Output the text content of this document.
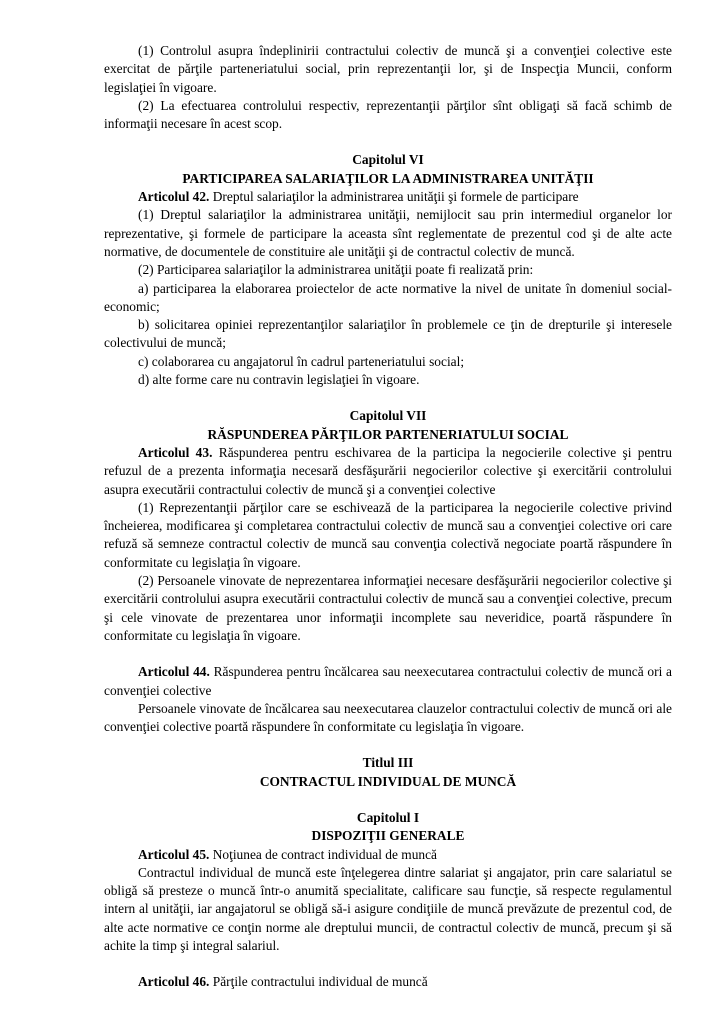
(1) Controlul asupra îndeplinirii contractului colectiv de muncă şi a convenţiei colective este exercitat de părţile parteneriatului social, prin reprezentanţii lor, şi de Inspecţia Muncii, conform legislaţiei în vigoare.

(2) La efectuarea controlului respectiv, reprezentanţii părţilor sînt obligaţi să facă schimb de informaţii necesare în acest scop.

Capitolul VI

PARTICIPAREA SALARIAŢILOR LA ADMINISTRAREA UNITĂŢII

Articolul 42. Dreptul salariaţilor la administrarea unităţii şi formele de participare

(1) Dreptul salariaţilor la administrarea unităţii, nemijlocit sau prin intermediul organelor lor reprezentative, şi formele de participare la aceasta sînt reglementate de prezentul cod şi de alte acte normative, de documentele de constituire ale unităţii şi de contractul colectiv de muncă.

(2) Participarea salariaţilor la administrarea unităţii poate fi realizată prin:

a) participarea la elaborarea proiectelor de acte normative la nivel de unitate în domeniul social-economic;

b) solicitarea opiniei reprezentanţilor salariaţilor în problemele ce ţin de drepturile şi interesele colectivului de muncă;

c) colaborarea cu angajatorul în cadrul parteneriatului social;

d) alte forme care nu contravin legislaţiei în vigoare.

Capitolul VII

RĂSPUNDEREA PĂRŢILOR PARTENERIATULUI SOCIAL

Articolul 43. Răspunderea pentru eschivarea de la participa la negocierile colective şi pentru refuzul de a prezenta informaţia necesară desfăşurării negocierilor colective şi exercitării controlului asupra executării contractului colectiv de muncă şi a convenţiei colective

(1) Reprezentanţii părţilor care se eschivează de la participarea la negocierile colective privind încheierea, modificarea şi completarea contractului colectiv de muncă sau a convenţiei colective ori care refuză să semneze contractul colectiv de muncă sau convenţia colectivă negociate poartă răspundere în conformitate cu legislaţia în vigoare.

(2) Persoanele vinovate de neprezentarea informaţiei necesare desfăşurării negocierilor colective şi exercitării controlului asupra executării contractului colectiv de muncă sau a convenţiei colective, precum şi cele vinovate de prezentarea unor informaţii incomplete sau neveridice, poartă răspundere în conformitate cu legislaţia în vigoare.

Articolul 44. Răspunderea pentru încălcarea sau neexecutarea contractului colectiv de muncă ori a convenţiei colective

Persoanele vinovate de încălcarea sau neexecutarea clauzelor contractului colectiv de muncă ori ale convenţiei colective poartă răspundere în conformitate cu legislaţia în vigoare.

Titlul III

CONTRACTUL INDIVIDUAL DE MUNCĂ

Capitolul I

DISPOZIŢII GENERALE

Articolul 45. Noţiunea de contract individual de muncă

Contractul individual de muncă este înţelegerea dintre salariat şi angajator, prin care salariatul se obligă să presteze o muncă într-o anumită specialitate, calificare sau funcţie, să respecte regulamentul intern al unităţii, iar angajatorul se obligă să-i asigure condiţiile de muncă prevăzute de prezentul cod, de alte acte normative ce conţin norme ale dreptului muncii, de contractul colectiv de muncă, precum şi să achite la timp şi integral salariul.

Articolul 46. Părţile contractului individual de muncă
